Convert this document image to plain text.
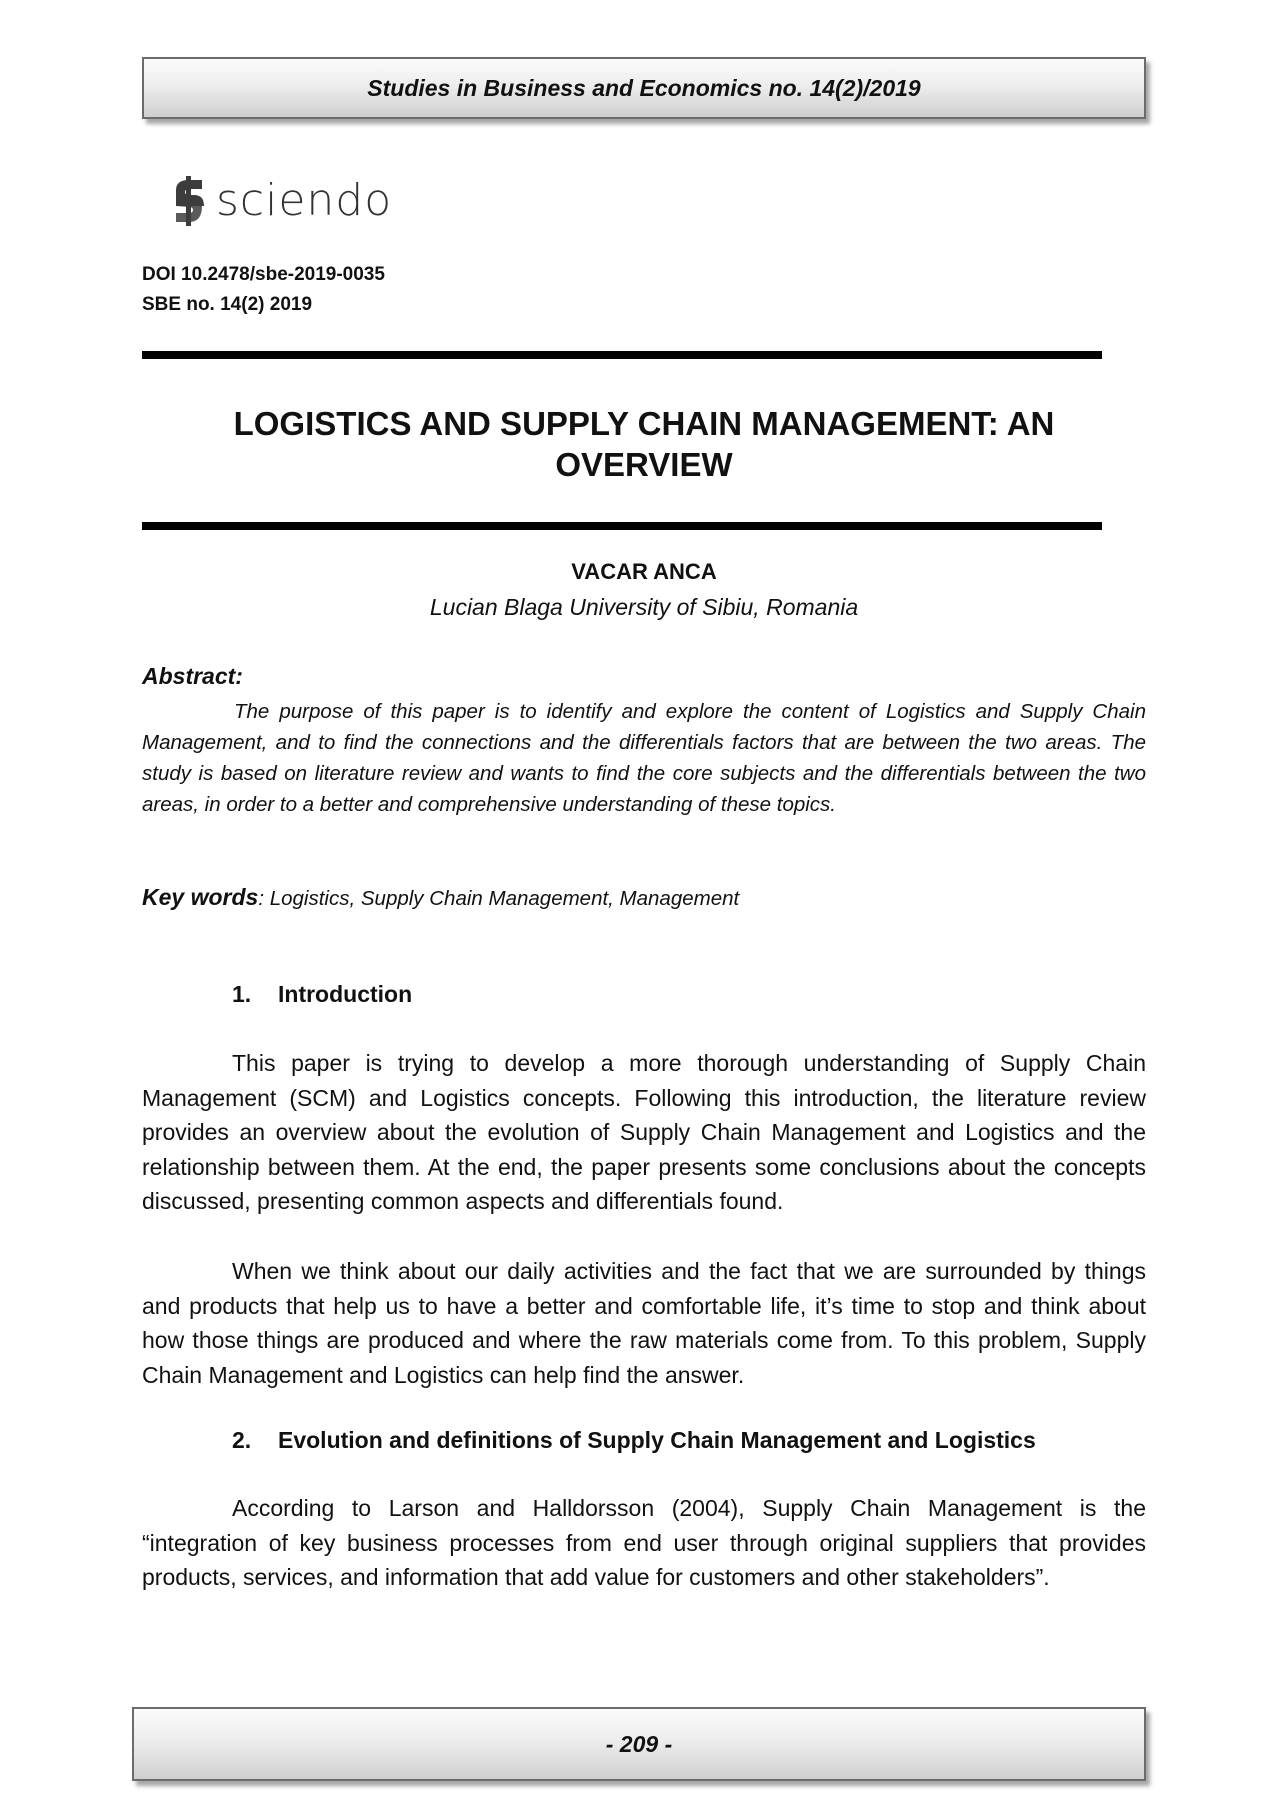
Studies in Business and Economics no. 14(2)/2019
sciendo
DOI 10.2478/sbe-2019-0035
SBE no. 14(2) 2019
LOGISTICS AND SUPPLY CHAIN MANAGEMENT: AN
OVERVIEW
VACAR ANCA
Lucian Blaga University of Sibiu, Romania
Abstract:
The purpose of this paper is to identify and explore the content of Logistics and Supply Chain Management, and to find the connections and the differentials factors that are between the two areas. The study is based on literature review and wants to find the core subjects and the differentials between the two areas, in order to a better and comprehensive understanding of these topics.
Key words: Logistics, Supply Chain Management, Management
1. Introduction
This paper is trying to develop a more thorough understanding of Supply Chain Management (SCM) and Logistics concepts. Following this introduction, the literature review provides an overview about the evolution of Supply Chain Management and Logistics and the relationship between them. At the end, the paper presents some conclusions about the concepts discussed, presenting common aspects and differentials found.
When we think about our daily activities and the fact that we are surrounded by things and products that help us to have a better and comfortable life, it’s time to stop and think about how those things are produced and where the raw materials come from. To this problem, Supply Chain Management and Logistics can help find the answer.
2. Evolution and definitions of Supply Chain Management and Logistics
According to Larson and Halldorsson (2004), Supply Chain Management is the “integration of key business processes from end user through original suppliers that provides products, services, and information that add value for customers and other stakeholders”.
- 209 -
